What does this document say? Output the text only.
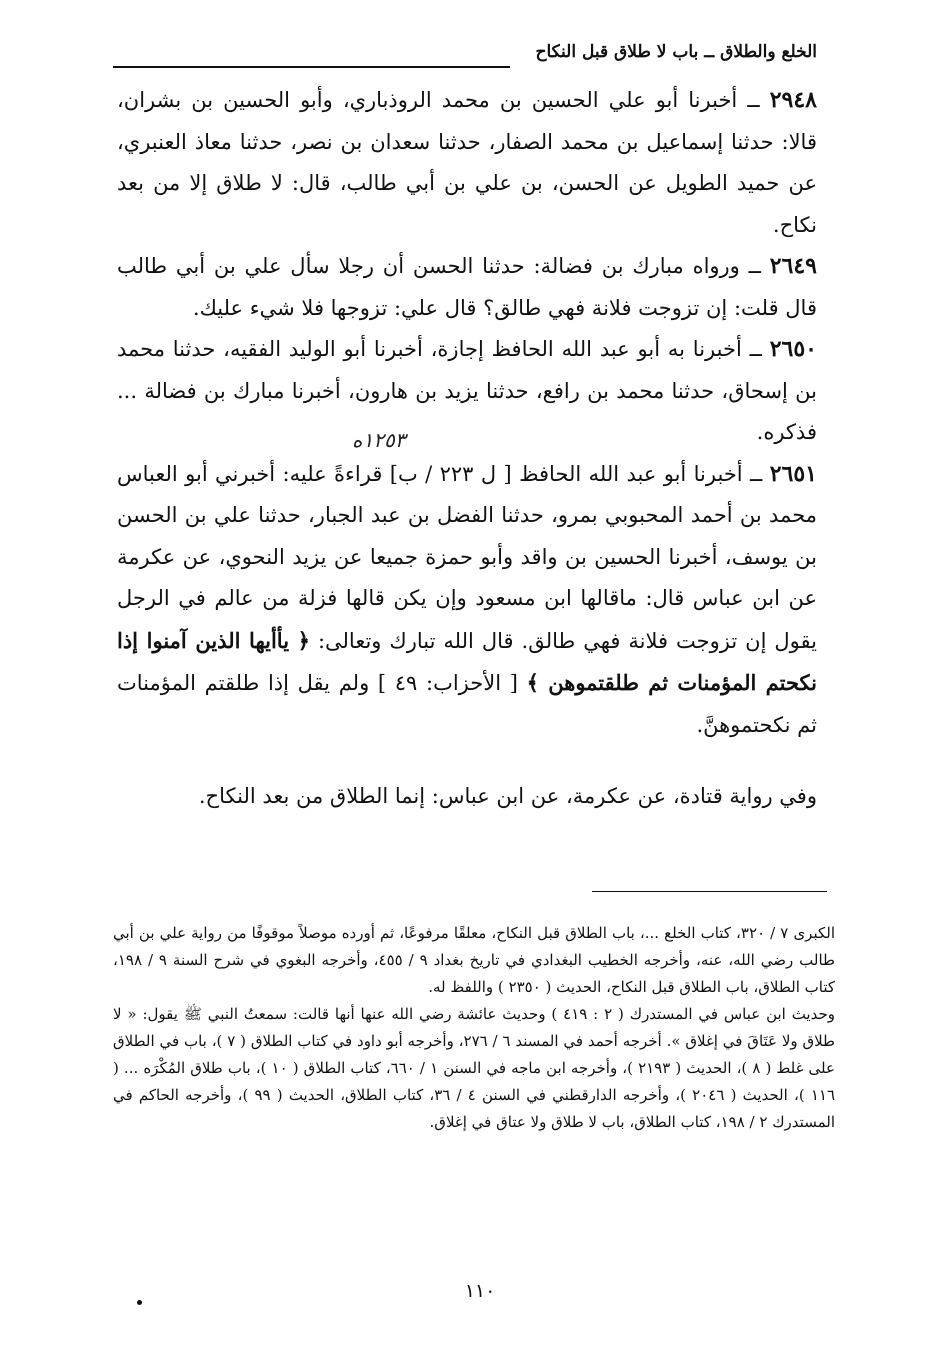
الخلع والطلاق ــ باب لا طلاق قبل النكاح

٢٩٤٨ ــ أخبرنا أبو علي الحسين بن محمد الروذباري، وأبو الحسين بن بشران، قالا: حدثنا إسماعيل بن محمد الصفار، حدثنا سعدان بن نصر، حدثنا معاذ العنبري، عن حميد الطويل عن الحسن، بن علي بن أبي طالب، قال: لا طلاق إلا من بعد نكاح.

٢٦٤٩ ــ ورواه مبارك بن فضالة: حدثنا الحسن أن رجلا سأل علي بن أبي طالب قال قلت: إن تزوجت فلانة فهي طالق؟ قال علي: تزوجها فلا شيء عليك.

٢٦٥٠ ــ أخبرنا به أبو عبد الله الحافظ إجازة، أخبرنا أبو الوليد الفقيه، حدثنا محمد بن إسحاق، حدثنا محمد بن رافع، حدثنا يزيد بن هارون، أخبرنا مبارك بن فضالة ... فذكره.

٢٦٥١ ــ أخبرنا أبو عبد الله الحافظ [ ل ٢٢٣ / ب] قراءةً عليه: أخبرني أبو العباس محمد بن أحمد المحبوبي بمرو، حدثنا الفضل بن عبد الجبار، حدثنا علي بن الحسن بن يوسف، أخبرنا الحسين بن واقد وأبو حمزة جميعا عن يزيد النحوي، عن عكرمة عن ابن عباس قال: ماقالها ابن مسعود وإن يكن قالها فزلة من عالم في الرجل يقول إن تزوجت فلانة فهي طالق. قال الله تبارك وتعالى: ﴿ يأأيها الذين آمنوا إذا نكحتم المؤمنات ثم طلقتموهن ﴾ [ الأحزاب: ٤٩ ] ولم يقل إذا طلقتم المؤمنات ثم نكحتموهنَّ.

وفي رواية قتادة، عن عكرمة، عن ابن عباس: إنما الطلاق من بعد النكاح.

١٢٥٣ه

الكبرى ٧ / ٣٢٠، كتاب الخلع ...، باب الطلاق قبل النكاح، معلقًا مرفوعًا، ثم أورده موصلاً موقوفًا من رواية علي بن أبي طالب رضي الله، عنه، وأخرجه الخطيب البغدادي في تاريخ بغداد ٩ / ٤٥٥، وأخرجه البغوي في شرح السنة ٩ / ١٩٨، كتاب الطلاق، باب الطلاق قبل النكاح، الحديث ( ٢٣٥٠ ) واللفظ له.

وحديث ابن عباس في المستدرك ( ٢ : ٤١٩ ) وحديث عائشة رضي الله عنها أنها قالت: سمعتُ النبي ﷺ يقول: « لا طلاق ولا عَتَاقَ في إغلاق ». أخرجه أحمد في المسند ٦ / ٢٧٦، وأخرجه أبو داود في كتاب الطلاق ( ٧ )، باب في الطلاق على غلط ( ٨ )، الحديث ( ٢١٩٣ )، وأخرجه ابن ماجه في السنن ١ / ٦٦٠، كتاب الطلاق ( ١٠ )، باب طلاق المُكْرَه ... ( ١١٦ )، الحديث ( ٢٠٤٦ )، وأخرجه الدارقطني في السنن ٤ / ٣٦، كتاب الطلاق، الحديث ( ٩٩ )، وأخرجه الحاكم في المستدرك ٢ / ١٩٨، كتاب الطلاق، باب لا طلاق ولا عتاق في إغلاق.

١١٠
